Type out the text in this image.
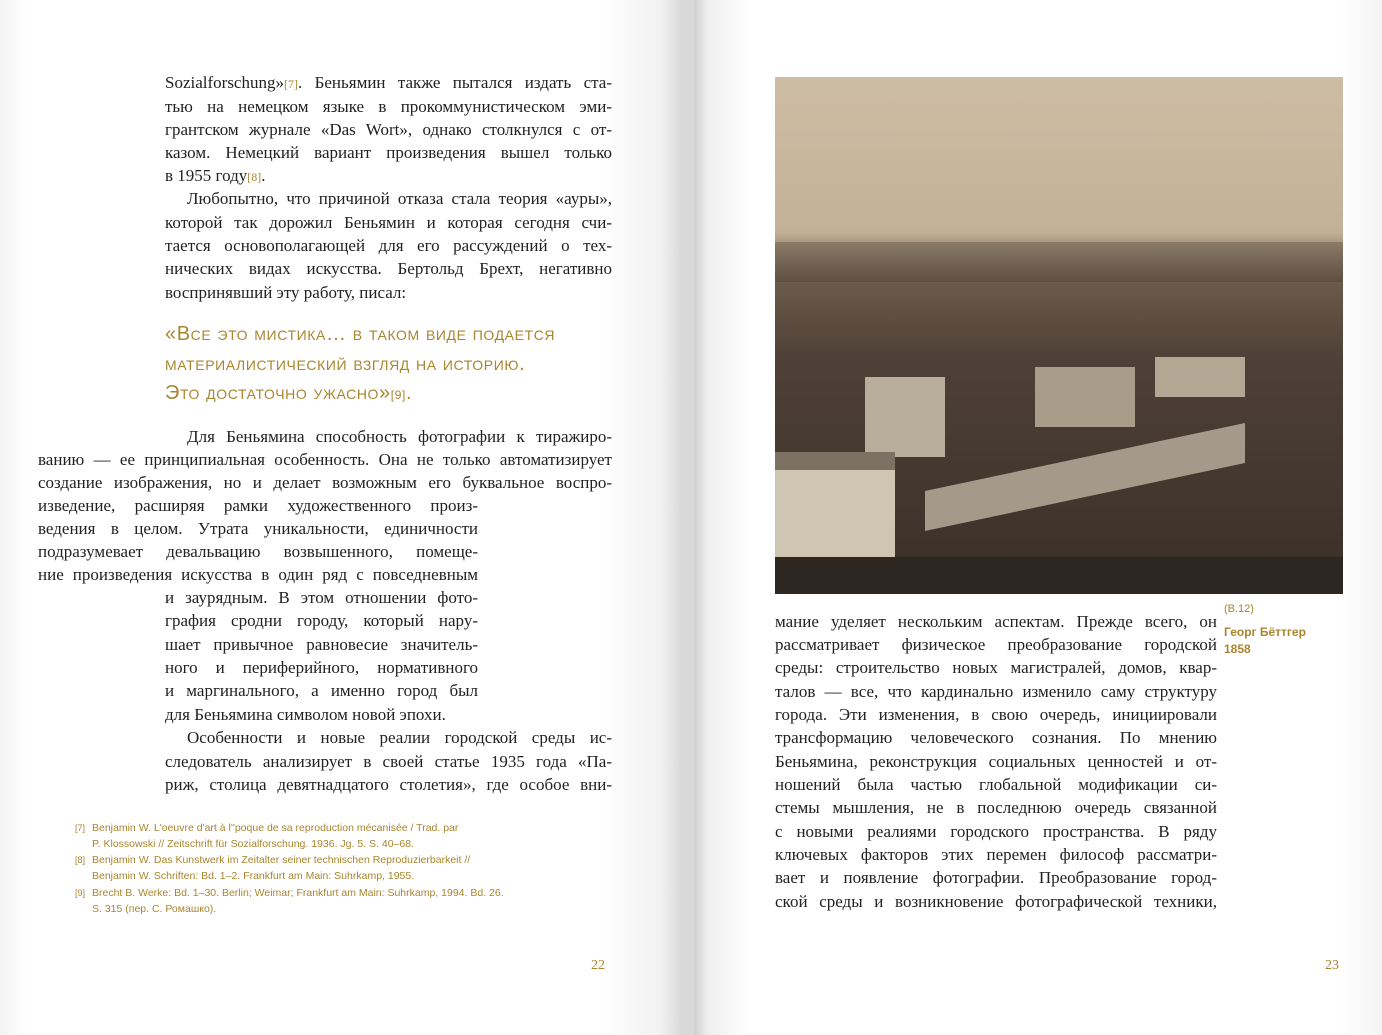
Sozialforschung»[7]. Беньямин также пытался издать ста-
тью на немецком языке в прокоммунистическом эми-
грантском журнале «Das Wort», однако столкнулся с от-
казом. Немецкий вариант произведения вышел только
в 1955 году[8].
Любопытно, что причиной отказа стала теория «ауры»,
которой так дорожил Беньямин и которая сегодня счи-
тается основополагающей для его рассуждений о тех-
нических видах искусства. Бертольд Брехт, негативно
воспринявший эту работу, писал:
«Все это мистика… в таком виде подается
материалистический взгляд на историю.
Это достаточно ужасно»[9].
Для Беньямина способность фотографии к тиражиро-
ванию — ее принципиальная особенность. Она не только автоматизирует
создание изображения, но и делает возможным его буквальное воспро-
изведение, расширяя рамки художественного произ-
ведения в целом. Утрата уникальности, единичности
подразумевает девальвацию возвышенного, помеще-
ние произведения искусства в один ряд с повседневным
и заурядным. В этом отношении фото-
графия сродни городу, который нару-
шает привычное равновесие значитель-
ного и периферийного, нормативного
и маргинального, а именно город был
для Беньямина символом новой эпохи.
Особенности и новые реалии городской среды ис-
следователь анализирует в своей статье 1935 года «Па-
риж, столица девятнадцатого столетия», где особое вни-
[7] Benjamin W. L'oeuvre d'art à l''poque de sa reproduction mécanisée / Trad. par
P. Klossowski // Zeitschrift für Sozialforschung. 1936. Jg. 5. S. 40–68.
[8] Benjamin W. Das Kunstwerk im Zeitalter seiner technischen Reproduzierbarkeit //
Benjamin W. Schriften: Bd. 1–2. Frankfurt am Main: Suhrkamp, 1955.
[9] Brecht B. Werke: Bd. 1–30. Berlin; Weimar; Frankfurt am Main: Suhrkamp, 1994. Bd. 26.
S. 315 (пер. С. Ромашко).
22
(B.12)
Георг Бёттгер
1858
мание уделяет нескольким аспектам. Прежде всего, он
рассматривает физическое преобразование городской
среды: строительство новых магистралей, домов, квар-
талов — все, что кардинально изменило саму структуру
города. Эти изменения, в свою очередь, инициировали
трансформацию человеческого сознания. По мнению
Беньямина, реконструкция социальных ценностей и от-
ношений была частью глобальной модификации си-
стемы мышления, не в последнюю очередь связанной
с новыми реалиями городского пространства. В ряду
ключевых факторов этих перемен философ рассматри-
вает и появление фотографии. Преобразование город-
ской среды и возникновение фотографической техники,
23
